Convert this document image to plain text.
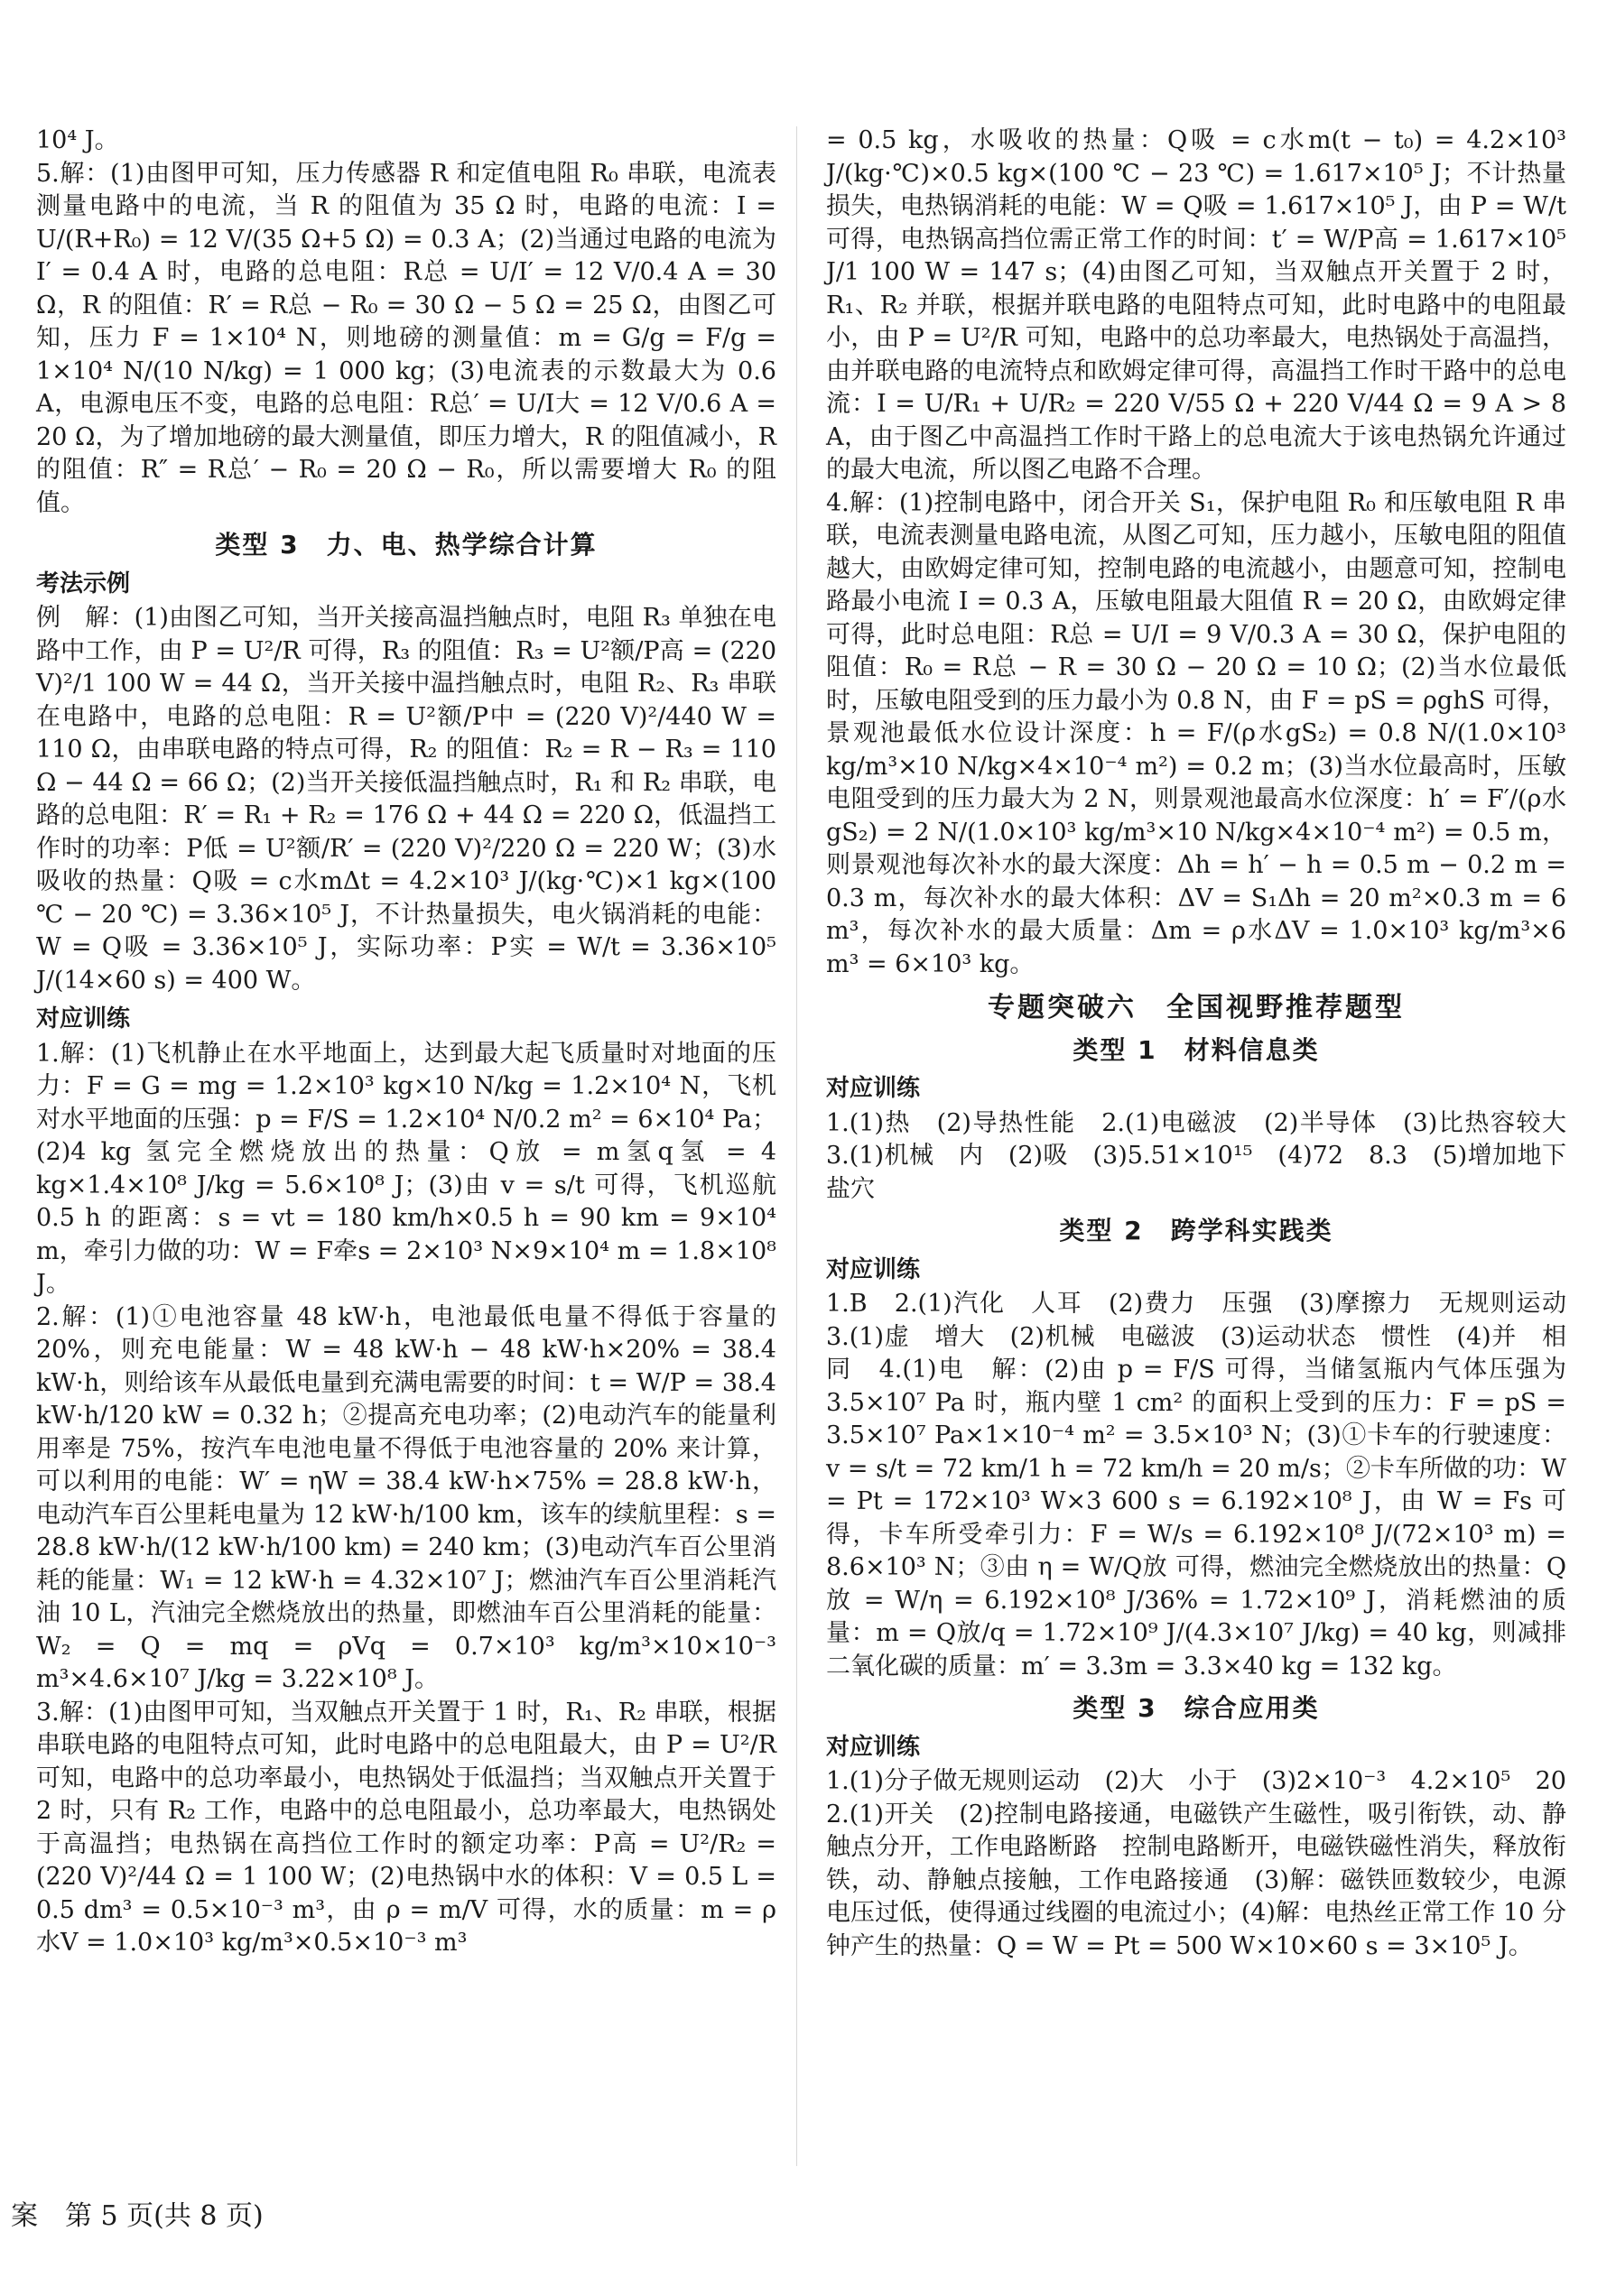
10⁴ J。

5.解：(1)由图甲可知，压力传感器 R 和定值电阻 R₀ 串联，电流表测量电路中的电流，当 R 的阻值为 35 Ω 时，电路的电流：I = U/(R+R₀) = 12 V/(35 Ω+5 Ω) = 0.3 A；(2)当通过电路的电流为 I′ = 0.4 A 时，电路的总电阻：R总 = U/I′ = 12 V/0.4 A = 30 Ω，R 的阻值：R′ = R总 − R₀ = 30 Ω − 5 Ω = 25 Ω，由图乙可知，压力 F = 1×10⁴ N，则地磅的测量值：m = G/g = F/g = 1×10⁴ N/(10 N/kg) = 1 000 kg；(3)电流表的示数最大为 0.6 A，电源电压不变，电路的总电阻：R总′ = U/I大 = 12 V/0.6 A = 20 Ω，为了增加地磅的最大测量值，即压力增大，R 的阻值减小，R 的阻值：R″ = R总′ − R₀ = 20 Ω − R₀，所以需要增大 R₀ 的阻值。

类型 3　力、电、热学综合计算
考法示例

例　解：(1)由图乙可知，当开关接高温挡触点时，电阻 R₃ 单独在电路中工作，由 P = U²/R 可得，R₃ 的阻值：R₃ = U²额/P高 = (220 V)²/1 100 W = 44 Ω，当开关接中温挡触点时，电阻 R₂、R₃ 串联在电路中，电路的总电阻：R = U²额/P中 = (220 V)²/440 W = 110 Ω，由串联电路的特点可得，R₂ 的阻值：R₂ = R − R₃ = 110 Ω − 44 Ω = 66 Ω；(2)当开关接低温挡触点时，R₁ 和 R₂ 串联，电路的总电阻：R′ = R₁ + R₂ = 176 Ω + 44 Ω = 220 Ω，低温挡工作时的功率：P低 = U²额/R′ = (220 V)²/220 Ω = 220 W；(3)水吸收的热量：Q吸 = c水mΔt = 4.2×10³ J/(kg·℃)×1 kg×(100 ℃ − 20 ℃) = 3.36×10⁵ J，不计热量损失，电火锅消耗的电能：W = Q吸 = 3.36×10⁵ J，实际功率：P实 = W/t = 3.36×10⁵ J/(14×60 s) = 400 W。

对应训练

1.解：(1)飞机静止在水平地面上，达到最大起飞质量时对地面的压力：F = G = mg = 1.2×10³ kg×10 N/kg = 1.2×10⁴ N，飞机对水平地面的压强：p = F/S = 1.2×10⁴ N/0.2 m² = 6×10⁴ Pa；(2)4 kg 氢完全燃烧放出的热量：Q放 = m氢q氢 = 4 kg×1.4×10⁸ J/kg = 5.6×10⁸ J；(3)由 v = s/t 可得，飞机巡航 0.5 h 的距离：s = vt = 180 km/h×0.5 h = 90 km = 9×10⁴ m，牵引力做的功：W = F牵s = 2×10³ N×9×10⁴ m = 1.8×10⁸ J。

2.解：(1)①电池容量 48 kW·h，电池最低电量不得低于容量的 20%，则充电能量：W = 48 kW·h − 48 kW·h×20% = 38.4 kW·h，则给该车从最低电量到充满电需要的时间：t = W/P = 38.4 kW·h/120 kW = 0.32 h；②提高充电功率；(2)电动汽车的能量利用率是 75%，按汽车电池电量不得低于电池容量的 20% 来计算，可以利用的电能：W′ = ηW = 38.4 kW·h×75% = 28.8 kW·h，电动汽车百公里耗电量为 12 kW·h/100 km，该车的续航里程：s = 28.8 kW·h/(12 kW·h/100 km) = 240 km；(3)电动汽车百公里消耗的能量：W₁ = 12 kW·h = 4.32×10⁷ J；燃油汽车百公里消耗汽油 10 L，汽油完全燃烧放出的热量，即燃油车百公里消耗的能量：W₂ = Q = mq = ρVq = 0.7×10³ kg/m³×10×10⁻³ m³×4.6×10⁷ J/kg = 3.22×10⁸ J。

3.解：(1)由图甲可知，当双触点开关置于 1 时，R₁、R₂ 串联，根据串联电路的电阻特点可知，此时电路中的总电阻最大，由 P = U²/R 可知，电路中的总功率最小，电热锅处于低温挡；当双触点开关置于 2 时，只有 R₂ 工作，电路中的总电阻最小，总功率最大，电热锅处于高温挡；电热锅在高挡位工作时的额定功率：P高 = U²/R₂ = (220 V)²/44 Ω = 1 100 W；(2)电热锅中水的体积：V = 0.5 L = 0.5 dm³ = 0.5×10⁻³ m³，由 ρ = m/V 可得，水的质量：m = ρ水V = 1.0×10³ kg/m³×0.5×10⁻³ m³

= 0.5 kg，水吸收的热量：Q吸 = c水m(t − t₀) = 4.2×10³ J/(kg·℃)×0.5 kg×(100 ℃ − 23 ℃) = 1.617×10⁵ J；不计热量损失，电热锅消耗的电能：W = Q吸 = 1.617×10⁵ J，由 P = W/t 可得，电热锅高挡位需正常工作的时间：t′ = W/P高 = 1.617×10⁵ J/1 100 W = 147 s；(4)由图乙可知，当双触点开关置于 2 时，R₁、R₂ 并联，根据并联电路的电阻特点可知，此时电路中的电阻最小，由 P = U²/R 可知，电路中的总功率最大，电热锅处于高温挡，由并联电路的电流特点和欧姆定律可得，高温挡工作时干路中的总电流：I = U/R₁ + U/R₂ = 220 V/55 Ω + 220 V/44 Ω = 9 A > 8 A，由于图乙中高温挡工作时干路上的总电流大于该电热锅允许通过的最大电流，所以图乙电路不合理。

4.解：(1)控制电路中，闭合开关 S₁，保护电阻 R₀ 和压敏电阻 R 串联，电流表测量电路电流，从图乙可知，压力越小，压敏电阻的阻值越大，由欧姆定律可知，控制电路的电流越小，由题意可知，控制电路最小电流 I = 0.3 A，压敏电阻最大阻值 R = 20 Ω，由欧姆定律可得，此时总电阻：R总 = U/I = 9 V/0.3 A = 30 Ω，保护电阻的阻值：R₀ = R总 − R = 30 Ω − 20 Ω = 10 Ω；(2)当水位最低时，压敏电阻受到的压力最小为 0.8 N，由 F = pS = ρghS 可得，景观池最低水位设计深度：h = F/(ρ水gS₂) = 0.8 N/(1.0×10³ kg/m³×10 N/kg×4×10⁻⁴ m²) = 0.2 m；(3)当水位最高时，压敏电阻受到的压力最大为 2 N，则景观池最高水位深度：h′ = F′/(ρ水gS₂) = 2 N/(1.0×10³ kg/m³×10 N/kg×4×10⁻⁴ m²) = 0.5 m，则景观池每次补水的最大深度：Δh = h′ − h = 0.5 m − 0.2 m = 0.3 m，每次补水的最大体积：ΔV = S₁Δh = 20 m²×0.3 m = 6 m³，每次补水的最大质量：Δm = ρ水ΔV = 1.0×10³ kg/m³×6 m³ = 6×10³ kg。

专题突破六　全国视野推荐题型
类型 1　材料信息类
对应训练

1.(1)热　(2)导热性能　2.(1)电磁波　(2)半导体　(3)比热容较大　3.(1)机械　内　(2)吸　(3)5.51×10¹⁵　(4)72　8.3　(5)增加地下盐穴

类型 2　跨学科实践类
对应训练

1.B　2.(1)汽化　人耳　(2)费力　压强　(3)摩擦力　无规则运动　3.(1)虚　增大　(2)机械　电磁波　(3)运动状态　惯性　(4)并　相同　4.(1)电　解：(2)由 p = F/S 可得，当储氢瓶内气体压强为 3.5×10⁷ Pa 时，瓶内壁 1 cm² 的面积上受到的压力：F = pS = 3.5×10⁷ Pa×1×10⁻⁴ m² = 3.5×10³ N；(3)①卡车的行驶速度：v = s/t = 72 km/1 h = 72 km/h = 20 m/s；②卡车所做的功：W = Pt = 172×10³ W×3 600 s = 6.192×10⁸ J，由 W = Fs 可得，卡车所受牵引力：F = W/s = 6.192×10⁸ J/(72×10³ m) = 8.6×10³ N；③由 η = W/Q放 可得，燃油完全燃烧放出的热量：Q放 = W/η = 6.192×10⁸ J/36% = 1.72×10⁹ J，消耗燃油的质量：m = Q放/q = 1.72×10⁹ J/(4.3×10⁷ J/kg) = 40 kg，则减排二氧化碳的质量：m′ = 3.3m = 3.3×40 kg = 132 kg。

类型 3　综合应用类
对应训练

1.(1)分子做无规则运动　(2)大　小于　(3)2×10⁻³　4.2×10⁵　20　2.(1)开关　(2)控制电路接通，电磁铁产生磁性，吸引衔铁，动、静触点分开，工作电路断路　控制电路断开，电磁铁磁性消失，释放衔铁，动、静触点接触，工作电路接通　(3)解：磁铁匝数较少，电源电压过低，使得通过线圈的电流过小；(4)解：电热丝正常工作 10 分钟产生的热量：Q = W = Pt = 500 W×10×60 s = 3×10⁵ J。

案　第 5 页(共 8 页)
